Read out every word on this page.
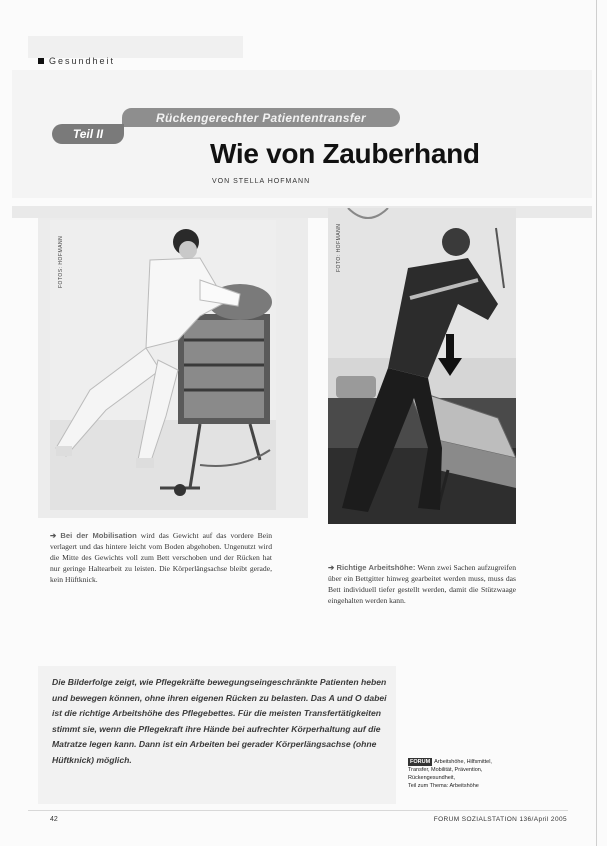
Gesundheit
Rückengerechter Patiententransfer
Teil II
Wie von Zauberhand
VON STELLA HOFMANN
FOTOS: HOFMANN	FOTO: HOFMANN
➔ Bei der Mobilisation wird das Gewicht auf das vordere Bein verlagert und das hintere leicht vom Boden abgehoben. Ungenutzt wird die Mitte des Gewichts voll zum Bett verschoben und der Rücken hat nur geringe Haltearbeit zu leisten. Die Körperlängsachse bleibt gerade, kein Hüftknick.
➔ Richtige Arbeitshöhe: Wenn zwei Sachen aufzugreifen über ein Bettgitter hinweg gearbeitet werden muss, muss das Bett individuell tiefer gestellt werden, damit die Stützwaage eingehalten werden kann.
Die Bilderfolge zeigt, wie Pflegekräfte bewegungseingeschränkte Patienten heben und bewegen können, ohne ihren eigenen Rücken zu belasten. Das A und O dabei ist die richtige Arbeitshöhe des Pflegebettes. Für die meisten Transfertätigkeiten stimmt sie, wenn die Pflegekraft ihre Hände bei aufrechter Körperhaltung auf die Matratze legen kann. Dann ist ein Arbeiten bei gerader Körperlängsachse (ohne Hüftknick) möglich.	FORUM Arbeitshöhe, Hilfsmittel,
Transfer, Mobilität, Prävention,
Rückengesundheit,
Teil zum Thema: Arbeitshöhe
42	FORUM SOZIALSTATION 136/April 2005
